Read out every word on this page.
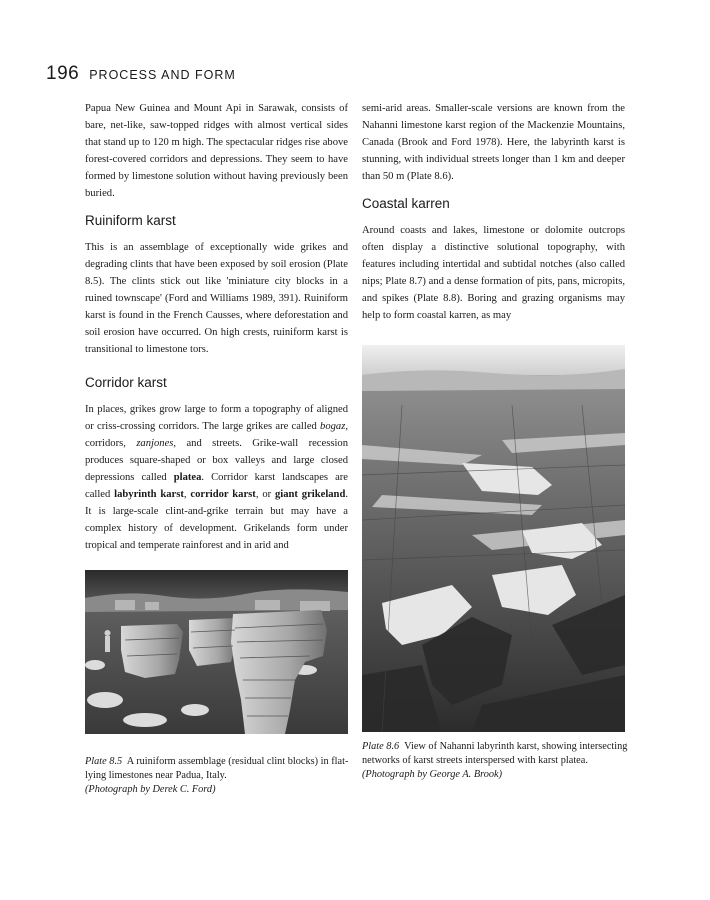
196 PROCESS AND FORM

Papua New Guinea and Mount Api in Sarawak, consists of bare, net-like, saw-topped ridges with almost vertical sides that stand up to 120 m high. The spectacular ridges rise above forest-covered corridors and depressions. They seem to have formed by limestone solution without having previously been buried.

Ruiniform karst

This is an assemblage of exceptionally wide grikes and degrading clints that have been exposed by soil erosion (Plate 8.5). The clints stick out like 'miniature city blocks in a ruined townscape' (Ford and Williams 1989, 391). Ruiniform karst is found in the French Causses, where deforestation and soil erosion have occurred. On high crests, ruiniform karst is transitional to limestone tors.

Corridor karst

In places, grikes grow large to form a topography of aligned or criss-crossing corridors. The large grikes are called bogaz, corridors, zanjones, and streets. Grike-wall recession produces square-shaped or box valleys and large closed depressions called platea. Corridor karst landscapes are called labyrinth karst, corridor karst, or giant grikeland. It is large-scale clint-and-grike terrain but may have a complex history of development. Grikelands form under tropical and temperate rainforest and in arid and

semi-arid areas. Smaller-scale versions are known from the Nahanni limestone karst region of the Mackenzie Mountains, Canada (Brook and Ford 1978). Here, the labyrinth karst is stunning, with individual streets longer than 1 km and deeper than 50 m (Plate 8.6).

Coastal karren

Around coasts and lakes, limestone or dolomite outcrops often display a distinctive solutional topography, with features including intertidal and subtidal notches (also called nips; Plate 8.7) and a dense formation of pits, pans, micropits, and spikes (Plate 8.8). Boring and grazing organisms may help to form coastal karren, as may

Plate 8.5 A ruiniform assemblage (residual clint blocks) in flat-lying limestones near Padua, Italy.
(Photograph by Derek C. Ford)
Plate 8.6 View of Nahanni labyrinth karst, showing intersecting networks of karst streets interspersed with karst platea.
(Photograph by George A. Brook)
